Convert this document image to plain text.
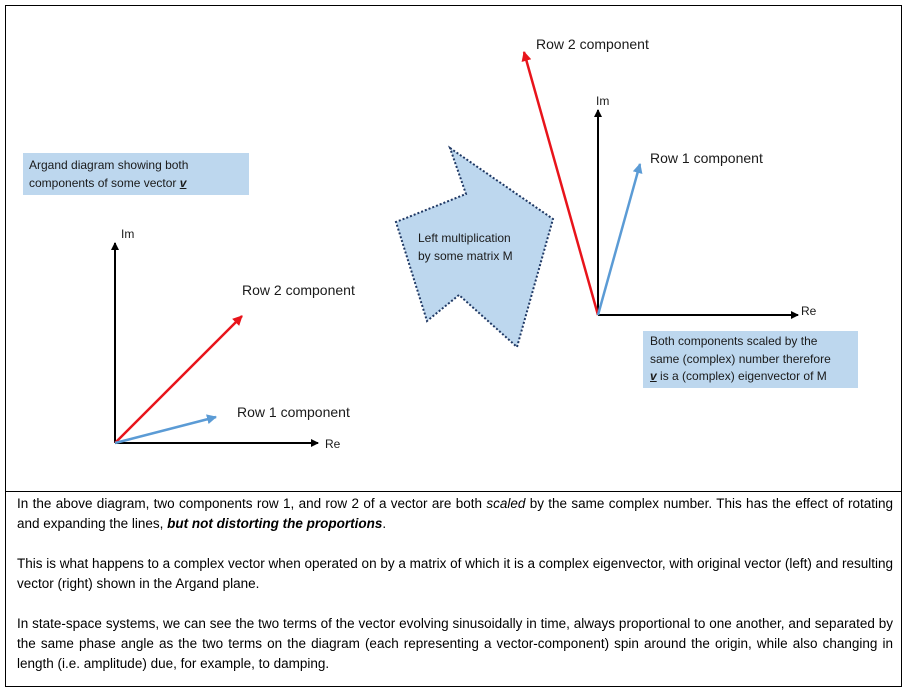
Im
Re
Row 2 component
Row 1 component
Im
Re
Row 2 component
Row 1 component
Argand diagram showing both
components of some vector v
Left multiplication
by some matrix M
Both components scaled by the
same (complex) number therefore
v is a (complex) eigenvector of M

In the above diagram, two components row 1, and row 2 of a vector are both scaled by the same complex number. This has the effect of rotating and expanding the lines, but not distorting the proportions.

This is what happens to a complex vector when operated on by a matrix of which it is a complex eigenvector, with original vector (left) and resulting vector (right) shown in the Argand plane.

In state-space systems, we can see the two terms of the vector evolving sinusoidally in time, always proportional to one another, and separated by the same phase angle as the two terms on the diagram (each representing a vector-component) spin around the origin, while also changing in length (i.e. amplitude) due, for example, to damping.
